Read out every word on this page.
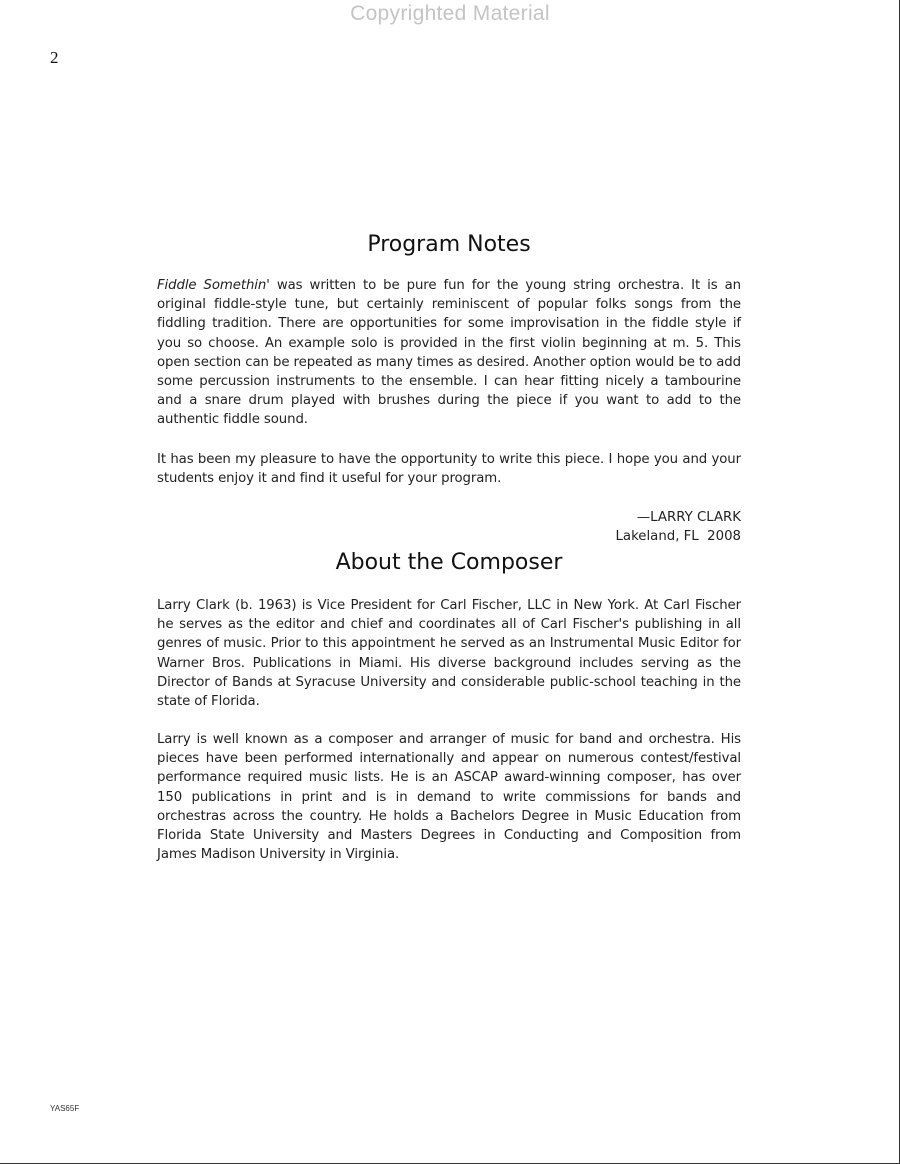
Copyrighted Material
2
Program Notes

Fiddle Somethin' was written to be pure fun for the young string orchestra. It is an original fiddle-style tune, but certainly reminiscent of popular folks songs from the fiddling tradition. There are opportunities for some improvisation in the fiddle style if you so choose. An example solo is provided in the first violin beginning at m. 5. This open section can be repeated as many times as desired. Another option would be to add some percussion instruments to the ensemble. I can hear fitting nicely a tambourine and a snare drum played with brushes during the piece if you want to add to the authentic fiddle sound.

It has been my pleasure to have the opportunity to write this piece. I hope you and your students enjoy it and find it useful for your program.

—LARRY CLARK
Lakeland, FL  2008
About the Composer

Larry Clark (b. 1963) is Vice President for Carl Fischer, LLC in New York. At Carl Fischer he serves as the editor and chief and coordinates all of Carl Fischer's publishing in all genres of music. Prior to this appointment he served as an Instrumental Music Editor for Warner Bros. Publications in Miami. His diverse background includes serving as the Director of Bands at Syracuse University and considerable public-school teaching in the state of Florida.

Larry is well known as a composer and arranger of music for band and orchestra. His pieces have been performed internationally and appear on numerous contest/festival performance required music lists. He is an ASCAP award-winning composer, has over 150 publications in print and is in demand to write commissions for bands and orchestras across the country. He holds a Bachelors Degree in Music Education from Florida State University and Masters Degrees in Conducting and Composition from James Madison University in Virginia.

YAS65F
